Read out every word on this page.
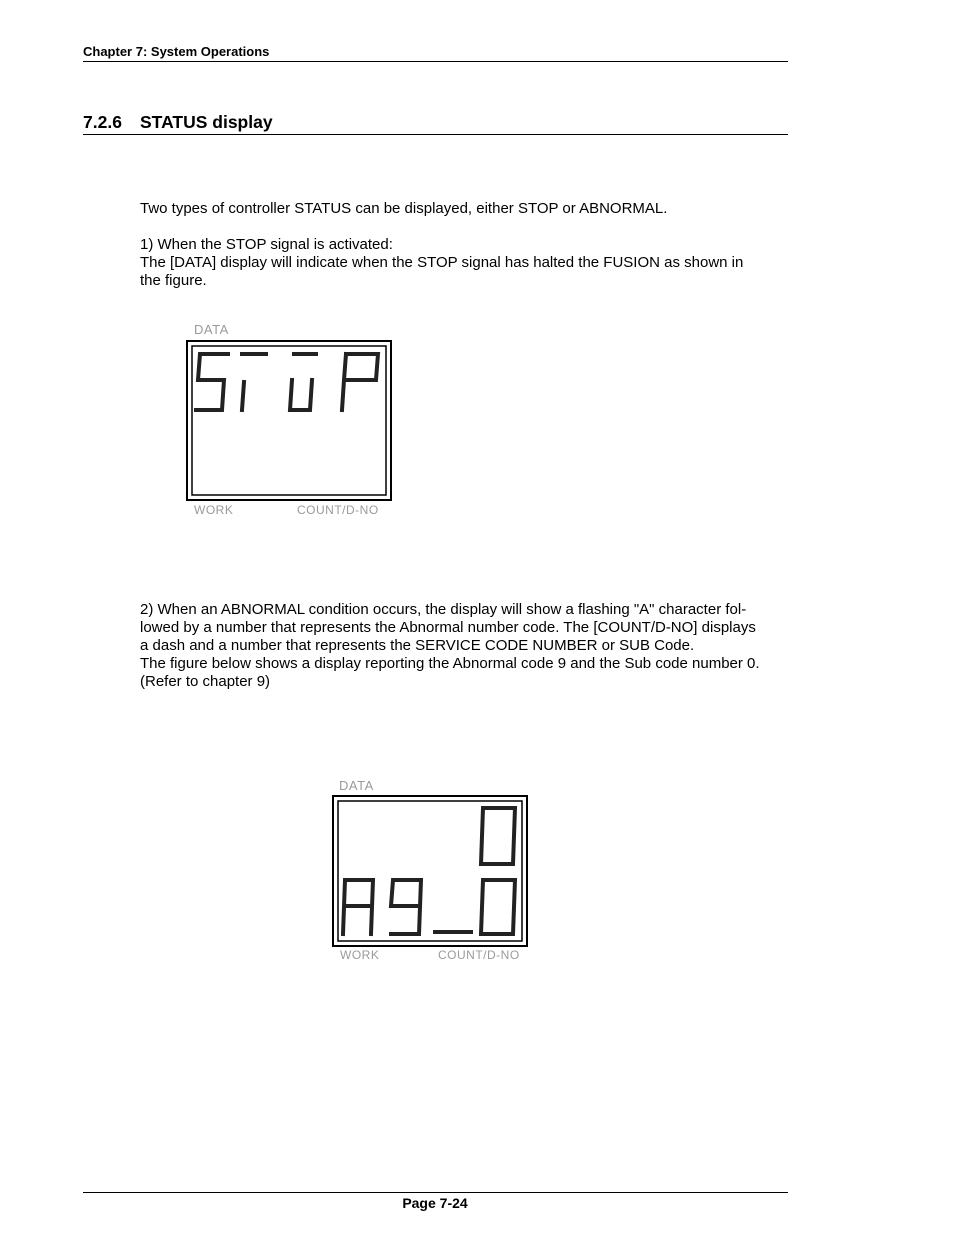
Chapter 7: System Operations
7.2.6 STATUS display

Two types of controller STATUS can be displayed, either STOP or ABNORMAL.

1) When the STOP signal is activated:

The [DATA] display will indicate when the STOP signal has halted the FUSION as shown in

the figure.

DATA
WORK	COUNT/D-NO

2) When an ABNORMAL condition occurs, the display will show a flashing "A" character fol-

lowed by a number that represents the Abnormal number code. The [COUNT/D-NO] displays

a dash and a number that represents the SERVICE CODE NUMBER or SUB Code.

The figure below shows a display reporting the Abnormal code 9 and the Sub code number 0.

(Refer to chapter 9)

DATA
WORK	COUNT/D-NO
Page 7-24
